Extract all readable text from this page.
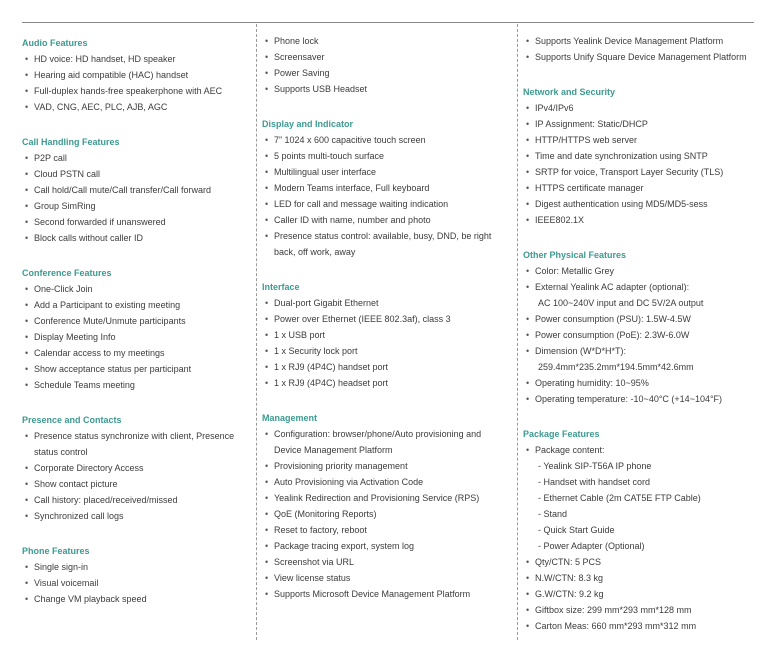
Audio Features
• HD voice: HD handset, HD speaker
• Hearing aid compatible (HAC) handset
• Full-duplex hands-free speakerphone with AEC
• VAD, CNG, AEC, PLC, AJB, AGC
Call Handling Features
• P2P call
• Cloud PSTN call
• Call hold/Call mute/Call transfer/Call forward
• Group SimRing
• Second forwarded if unanswered
• Block calls without caller ID
Conference Features
• One-Click Join
• Add a Participant to existing meeting
• Conference Mute/Unmute participants
• Display Meeting Info
• Calendar access to my meetings
• Show acceptance status per participant
• Schedule Teams meeting
Presence and Contacts
• Presence status synchronize with client, Presence status control
• Corporate Directory Access
• Show contact picture
• Call history: placed/received/missed
• Synchronized call logs
Phone Features
• Single sign-in
• Visual voicemail
• Change VM playback speed
• Phone lock
• Screensaver
• Power Saving
• Supports USB Headset
Display and Indicator
• 7” 1024 x 600 capacitive touch screen
• 5 points multi-touch surface
• Multilingual user interface
• Modern Teams interface, Full keyboard
• LED for call and message waiting indication
• Caller ID with name, number and photo
• Presence status control: available, busy, DND, be right back, off work, away
Interface
• Dual-port Gigabit Ethernet
• Power over Ethernet (IEEE 802.3af), class 3
• 1 x USB port
• 1 x Security lock port
• 1 x RJ9 (4P4C) handset port
• 1 x RJ9 (4P4C) headset port
Management
• Configuration: browser/phone/Auto provisioning and Device Management Platform
• Provisioning priority management
• Auto Provisioning via Activation Code
• Yealink Redirection and Provisioning Service (RPS)
• QoE (Monitoring Reports)
• Reset to factory, reboot
• Package tracing export, system log
• Screenshot via URL
• View license status
• Supports Microsoft Device Management Platform
• Supports Yealink Device Management Platform
• Supports Unify Square Device Management Platform
Network and Security
• IPv4/IPv6
• IP Assignment: Static/DHCP
• HTTP/HTTPS web server
• Time and date synchronization using SNTP
• SRTP for voice, Transport Layer Security (TLS)
• HTTPS certificate manager
• Digest authentication using MD5/MD5-sess
• IEEE802.1X
Other Physical Features
• Color: Metallic Grey
• External Yealink AC adapter (optional):
AC 100~240V input and DC 5V/2A output
• Power consumption (PSU): 1.5W-4.5W
• Power consumption (PoE): 2.3W-6.0W
• Dimension (W*D*H*T):
259.4mm*235.2mm*194.5mm*42.6mm
• Operating humidity: 10~95%
• Operating temperature: -10~40°C (+14~104°F)
Package Features
• Package content:
- Yealink SIP-T56A IP phone
- Handset with handset cord
- Ethernet Cable (2m CAT5E FTP Cable)
- Stand
- Quick Start Guide
- Power Adapter (Optional)
• Qty/CTN: 5 PCS
• N.W/CTN: 8.3 kg
• G.W/CTN: 9.2 kg
• Giftbox size: 299 mm*293 mm*128 mm
• Carton Meas: 660 mm*293 mm*312 mm
